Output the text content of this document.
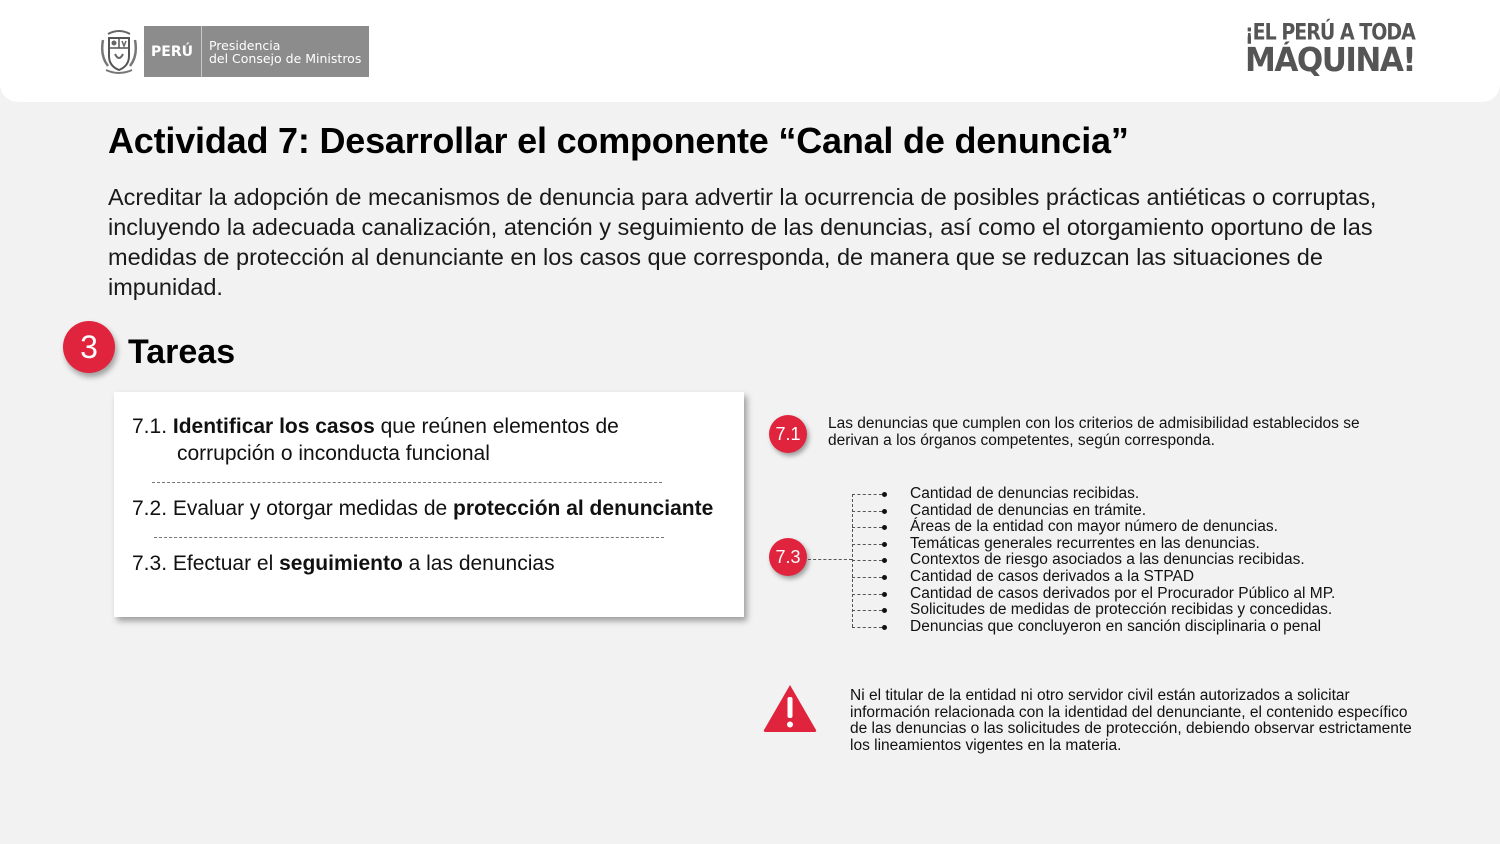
PERÚ	Presidencia
del Consejo de Ministros
¡EL PERÚ A TODA
MÁQUINA!
Actividad 7: Desarrollar el componente “Canal de denuncia”

Acreditar la adopción de mecanismos de denuncia para advertir la ocurrencia de posibles prácticas antiéticas o corruptas, incluyendo la adecuada canalización, atención y seguimiento de las denuncias, así como el otorgamiento oportuno de las medidas de protección al denunciante en los casos que corresponda, de manera que se reduzcan las situaciones de impunidad.

3 Tareas
7.1. Identificar los casos que reúnen elementos de
corrupción o inconducta funcional
7.2. Evaluar y otorgar medidas de protección al denunciante
7.3. Efectuar el seguimiento a las denuncias
7.1	Las denuncias que cumplen con los criterios de admisibilidad establecidos se derivan a los órganos competentes, según corresponda.

7.3
Cantidad de denuncias recibidas.
Cantidad de denuncias en trámite.
Áreas de la entidad con mayor número de denuncias.
Temáticas generales recurrentes en las denuncias.
Contextos de riesgo asociados a las denuncias recibidas.
Cantidad de casos derivados a la STPAD
Cantidad de casos derivados por el Procurador Público al MP.
Solicitudes de medidas de protección recibidas y concedidas.
Denuncias que concluyeron en sanción disciplinaria o penal

Ni el titular de la entidad ni otro servidor civil están autorizados a solicitar información relacionada con la identidad del denunciante, el contenido específico de las denuncias o las solicitudes de protección, debiendo observar estrictamente los lineamientos vigentes en la materia.
